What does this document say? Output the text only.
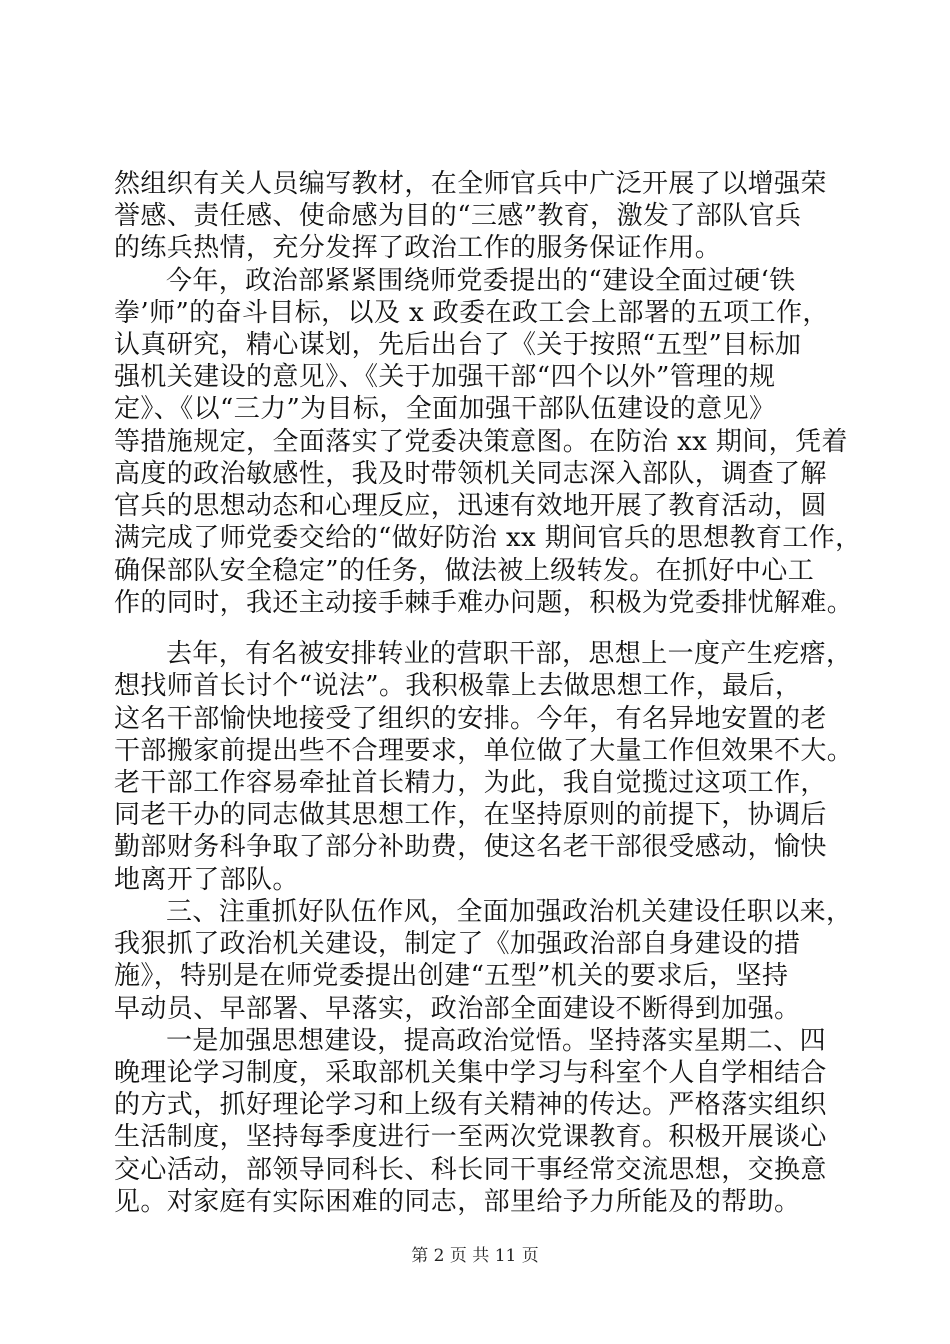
然组织有关人员编写教材，在全师官兵中广泛开展了以增强荣
誉感、责任感、使命感为目的“三感”教育，激发了部队官兵
的练兵热情，充分发挥了政治工作的服务保证作用。
今年，政治部紧紧围绕师党委提出的“建设全面过硬‘铁
拳’师”的奋斗目标，以及 x 政委在政工会上部署的五项工作，
认真研究，精心谋划，先后出台了《关于按照“五型”目标加
强机关建设的意见》、《关于加强干部“四个以外”管理的规
定》、《以“三力”为目标，全面加强干部队伍建设的意见》
等措施规定，全面落实了党委决策意图。在防治 xx 期间，凭着
高度的政治敏感性，我及时带领机关同志深入部队，调查了解
官兵的思想动态和心理反应，迅速有效地开展了教育活动，圆
满完成了师党委交给的“做好防治 xx 期间官兵的思想教育工作，
确保部队安全稳定”的任务，做法被上级转发。在抓好中心工
作的同时，我还主动接手棘手难办问题，积极为党委排忧解难。
去年，有名被安排转业的营职干部，思想上一度产生疙瘩，
想找师首长讨个“说法”。我积极靠上去做思想工作，最后，
这名干部愉快地接受了组织的安排。今年，有名异地安置的老
干部搬家前提出些不合理要求，单位做了大量工作但效果不大。
老干部工作容易牵扯首长精力，为此，我自觉揽过这项工作，
同老干办的同志做其思想工作，在坚持原则的前提下，协调后
勤部财务科争取了部分补助费，使这名老干部很受感动，愉快
地离开了部队。
三、注重抓好队伍作风，全面加强政治机关建设任职以来，
我狠抓了政治机关建设，制定了《加强政治部自身建设的措
施》，特别是在师党委提出创建“五型”机关的要求后，坚持
早动员、早部署、早落实，政治部全面建设不断得到加强。
一是加强思想建设，提高政治觉悟。坚持落实星期二、四
晚理论学习制度，采取部机关集中学习与科室个人自学相结合
的方式，抓好理论学习和上级有关精神的传达。严格落实组织
生活制度，坚持每季度进行一至两次党课教育。积极开展谈心
交心活动，部领导同科长、科长同干事经常交流思想，交换意
见。对家庭有实际困难的同志，部里给予力所能及的帮助。
第 2 页 共 11 页
